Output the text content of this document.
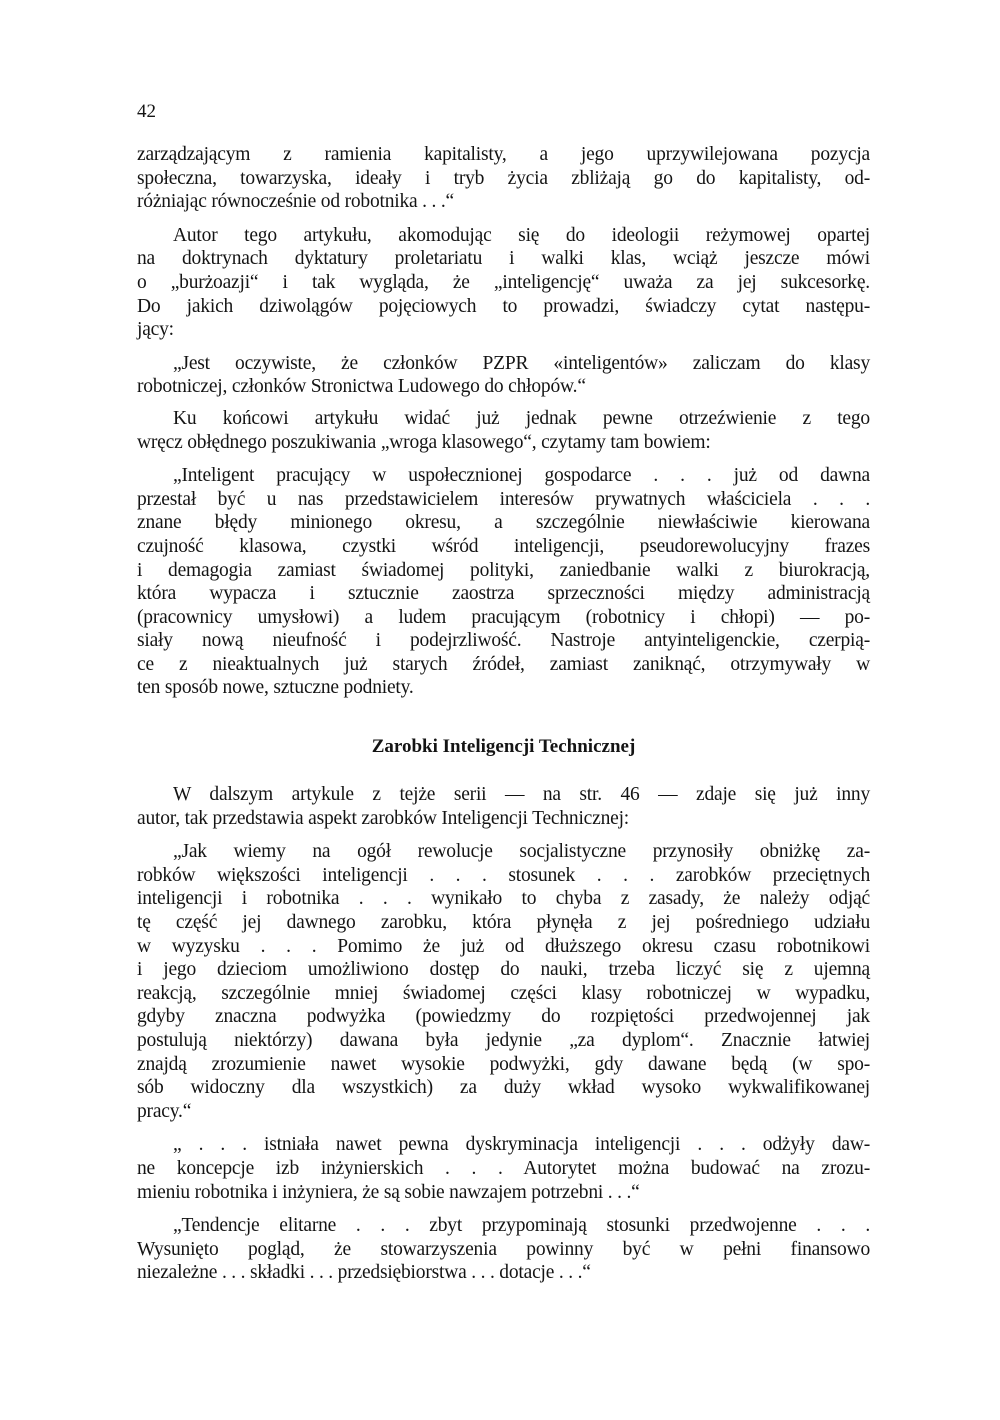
42
zarządzającym z ramienia kapitalisty, a jego uprzywilejowana pozycja
społeczna, towarzyska, ideały i tryb życia zbliżają go do kapitalisty, od-
różniając równocześnie od robotnika . . .“
Autor tego artykułu, akomodując się do ideologii reżymowej opartej
na doktrynach dyktatury proletariatu i walki klas, wciąż jeszcze mówi
o „burżoazji“ i tak wygląda, że „inteligencję“ uważa za jej sukcesorkę.
Do jakich dziwolągów pojęciowych to prowadzi, świadczy cytat następu-
jący:
„Jest oczywiste, że członków PZPR «inteligentów» zaliczam do klasy
robotniczej, członków Stronictwa Ludowego do chłopów.“
Ku końcowi artykułu widać już jednak pewne otrzeźwienie z tego
wręcz obłędnego poszukiwania „wroga klasowego“, czytamy tam bowiem:
„Inteligent pracujący w uspołecznionej gospodarce . . . już od dawna
przestał być u nas przedstawicielem interesów prywatnych właściciela . . .
znane błędy minionego okresu, a szczególnie niewłaściwie kierowana
czujność klasowa, czystki wśród inteligencji, pseudorewolucyjny frazes
i demagogia zamiast świadomej polityki, zaniedbanie walki z biurokracją,
która wypacza i sztucznie zaostrza sprzeczności między administracją
(pracownicy umysłowi) a ludem pracującym (robotnicy i chłopi) — po-
siały nową nieufność i podejrzliwość. Nastroje antyinteligenckie, czerpią-
ce z nieaktualnych już starych źródeł, zamiast zaniknąć, otrzymywały w
ten sposób nowe, sztuczne podniety.
Zarobki Inteligencji Technicznej
W dalszym artykule z tejże serii — na str. 46 — zdaje się już inny
autor, tak przedstawia aspekt zarobków Inteligencji Technicznej:
„Jak wiemy na ogół rewolucje socjalistyczne przynosiły obniżkę za-
robków większości inteligencji . . . stosunek . . . zarobków przeciętnych
inteligencji i robotnika . . . wynikało to chyba z zasady, że należy odjąć
tę część jej dawnego zarobku, która płynęła z jej pośredniego udziału
w wyzysku . . . Pomimo że już od dłuższego okresu czasu robotnikowi
i jego dzieciom umożliwiono dostęp do nauki, trzeba liczyć się z ujemną
reakcją, szczególnie mniej świadomej części klasy robotniczej w wypadku,
gdyby znaczna podwyżka (powiedzmy do rozpiętości przedwojennej jak
postulują niektórzy) dawana była jedynie „za dyplom“. Znacznie łatwiej
znajdą zrozumienie nawet wysokie podwyżki, gdy dawane będą (w spo-
sób widoczny dla wszystkich) za duży wkład wysoko wykwalifikowanej
pracy.“
„ . . . istniała nawet pewna dyskryminacja inteligencji . . . odżyły daw-
ne koncepcje izb inżynierskich . . . Autorytet można budować na zrozu-
mieniu robotnika i inżyniera, że są sobie nawzajem potrzebni . . .“
„Tendencje elitarne . . . zbyt przypominają stosunki przedwojenne . . .
Wysunięto pogląd, że stowarzyszenia powinny być w pełni finansowo
niezależne . . . składki . . . przedsiębiorstwa . . . dotacje . . .“
